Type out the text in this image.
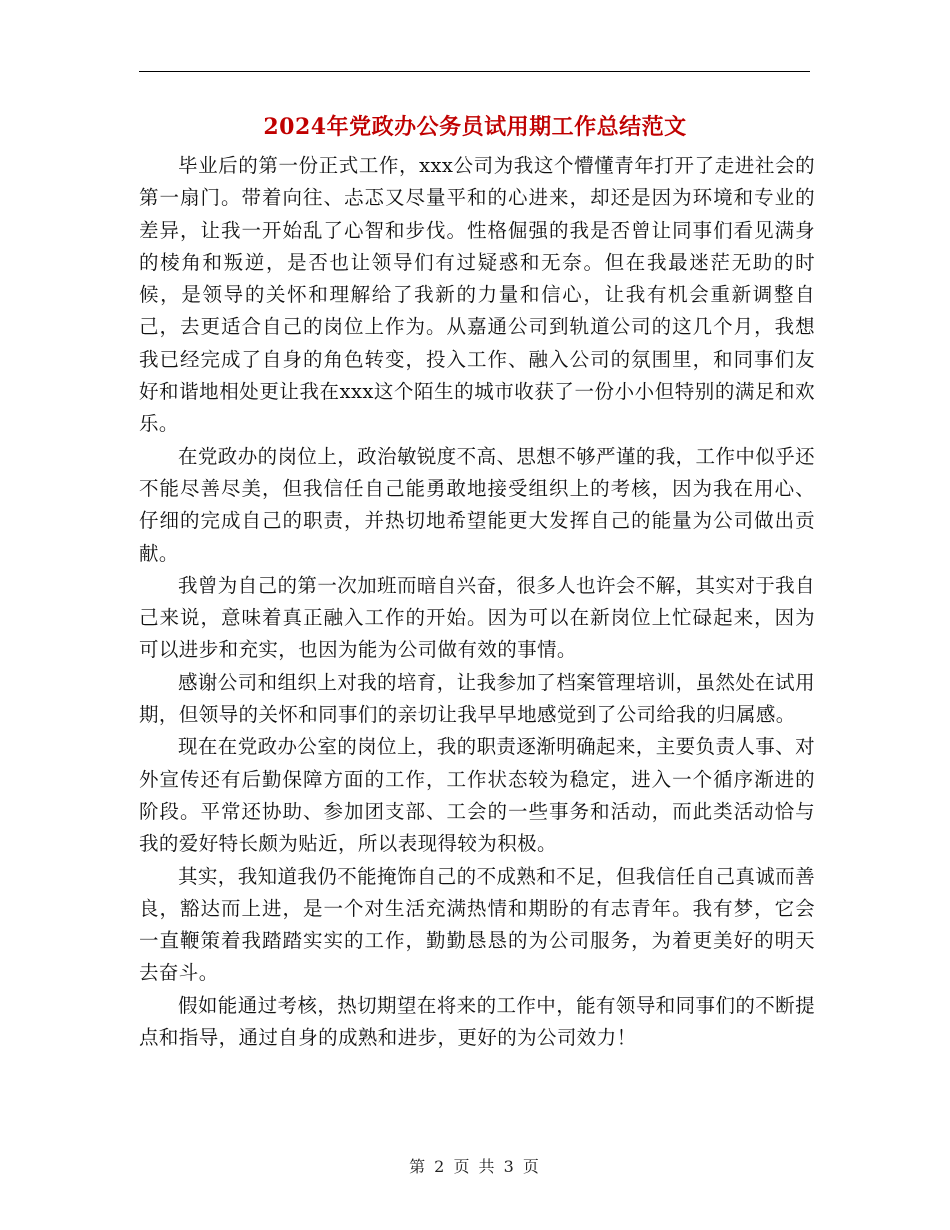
2024年党政办公务员试用期工作总结范文

毕业后的第一份正式工作，xxx公司为我这个懵懂青年打开了走进社会的第一扇门。带着向往、忐忑又尽量平和的心进来，却还是因为环境和专业的差异，让我一开始乱了心智和步伐。性格倔强的我是否曾让同事们看见满身的棱角和叛逆，是否也让领导们有过疑惑和无奈。但在我最迷茫无助的时候，是领导的关怀和理解给了我新的力量和信心，让我有机会重新调整自己，去更适合自己的岗位上作为。从嘉通公司到轨道公司的这几个月，我想我已经完成了自身的角色转变，投入工作、融入公司的氛围里，和同事们友好和谐地相处更让我在xxx这个陌生的城市收获了一份小小但特别的满足和欢乐。

在党政办的岗位上，政治敏锐度不高、思想不够严谨的我，工作中似乎还不能尽善尽美，但我信任自己能勇敢地接受组织上的考核，因为我在用心、仔细的完成自己的职责，并热切地希望能更大发挥自己的能量为公司做出贡献。

我曾为自己的第一次加班而暗自兴奋，很多人也许会不解，其实对于我自己来说，意味着真正融入工作的开始。因为可以在新岗位上忙碌起来，因为可以进步和充实，也因为能为公司做有效的事情。

感谢公司和组织上对我的培育，让我参加了档案管理培训，虽然处在试用期，但领导的关怀和同事们的亲切让我早早地感觉到了公司给我的归属感。

现在在党政办公室的岗位上，我的职责逐渐明确起来，主要负责人事、对外宣传还有后勤保障方面的工作，工作状态较为稳定，进入一个循序渐进的阶段。平常还协助、参加团支部、工会的一些事务和活动，而此类活动恰与我的爱好特长颇为贴近，所以表现得较为积极。

其实，我知道我仍不能掩饰自己的不成熟和不足，但我信任自己真诚而善良，豁达而上进，是一个对生活充满热情和期盼的有志青年。我有梦，它会一直鞭策着我踏踏实实的工作，勤勤恳恳的为公司服务，为着更美好的明天去奋斗。

假如能通过考核，热切期望在将来的工作中，能有领导和同事们的不断提点和指导，通过自身的成熟和进步，更好的为公司效力！

第 2 页 共 3 页
